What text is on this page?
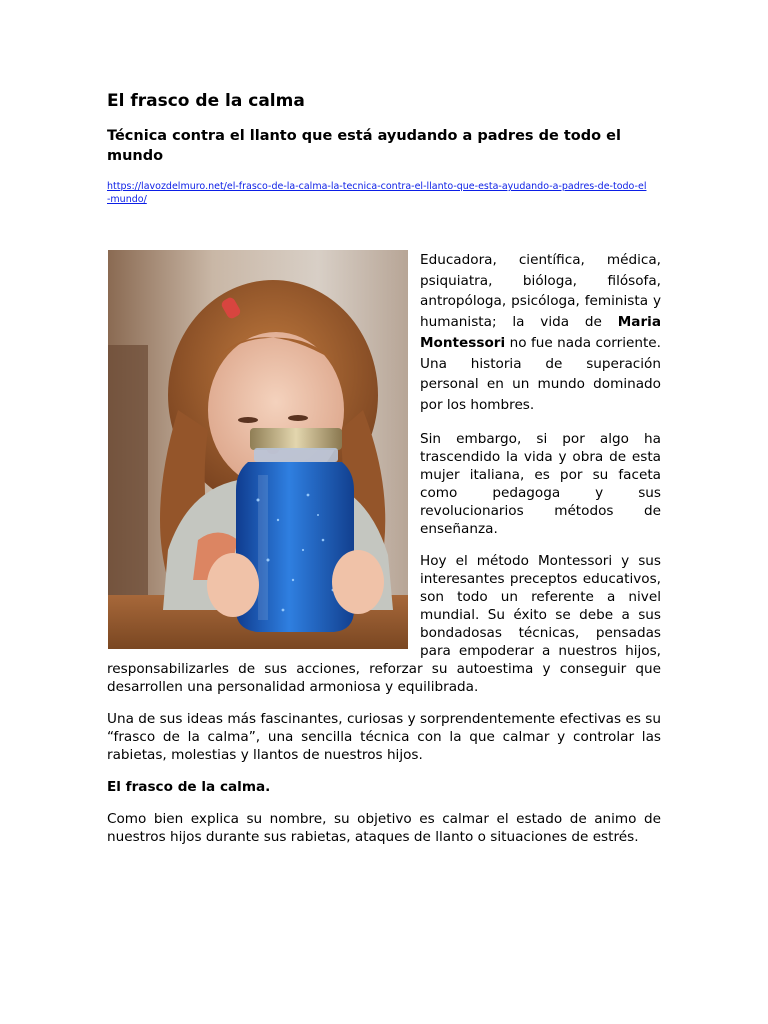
El frasco de la calma
Técnica contra el llanto que está ayudando a padres de todo el mundo
https://lavozdelmuro.net/el-frasco-de-la-calma-la-tecnica-contra-el-llanto-que-esta-ayudando-a-padres-de-todo-el-mundo/

Educadora, científica, médica, psiquiatra, bióloga, filósofa, antropóloga, psicóloga, feminista y humanista; la vida de Maria Montessori no fue nada corriente. Una historia de superación personal en un mundo dominado por los hombres.

Sin embargo, si por algo ha trascendido la vida y obra de esta mujer italiana, es por su faceta como pedagoga y sus revolucionarios métodos de enseñanza.

Hoy el método Montessori y sus interesantes preceptos educativos, son todo un referente a nivel mundial. Su éxito se debe a sus bondadosas técnicas, pensadas para empoderar a nuestros hijos, responsabilizarles de sus acciones, reforzar su autoestima y conseguir que desarrollen una personalidad armoniosa y equilibrada.

Una de sus ideas más fascinantes, curiosas y sorprendentemente efectivas es su “frasco de la calma”, una sencilla técnica con la que calmar y controlar las rabietas, molestias y llantos de nuestros hijos.

El frasco de la calma.

Como bien explica su nombre, su objetivo es calmar el estado de animo de nuestros hijos durante sus rabietas, ataques de llanto o situaciones de estrés.
